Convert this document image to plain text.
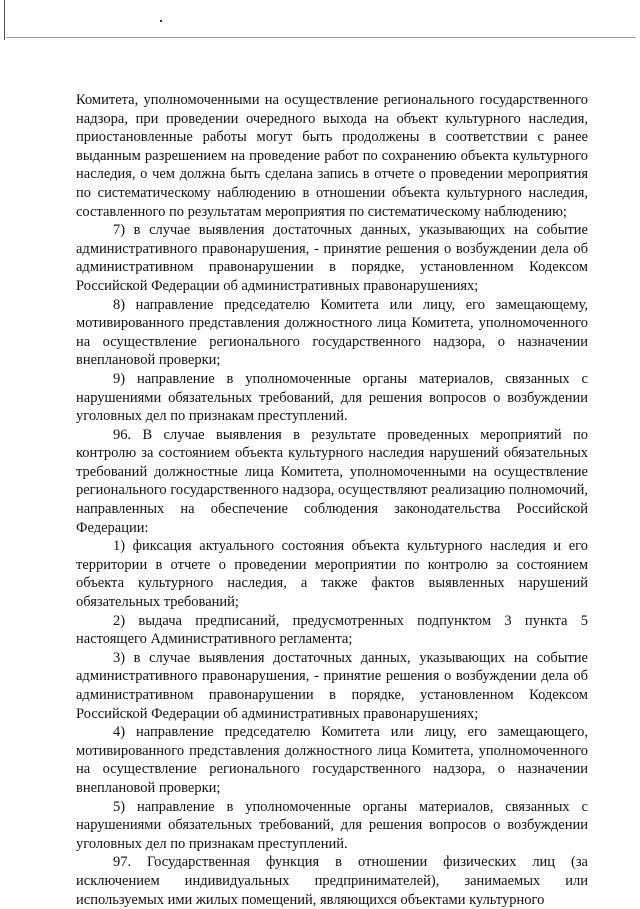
Комитета, уполномоченными на осуществление регионального государственного надзора, при проведении очередного выхода на объект культурного наследия, приостановленные работы могут быть продолжены в соответствии с ранее выданным разрешением на проведение работ по сохранению объекта культурного наследия, о чем должна быть сделана запись в отчете о проведении мероприятия по систематическому наблюдению в отношении объекта культурного наследия, составленного по результатам мероприятия по систематическому наблюдению;

7) в случае выявления достаточных данных, указывающих на событие административного правонарушения, - принятие решения о возбуждении дела об административном правонарушении в порядке, установленном Кодексом Российской Федерации об административных правонарушениях;

8) направление председателю Комитета или лицу, его замещающему, мотивированного представления должностного лица Комитета, уполномоченного на осуществление регионального государственного надзора, о назначении внеплановой проверки;

9) направление в уполномоченные органы материалов, связанных с нарушениями обязательных требований, для решения вопросов о возбуждении уголовных дел по признакам преступлений.

96. В случае выявления в результате проведенных мероприятий по контролю за состоянием объекта культурного наследия нарушений обязательных требований должностные лица Комитета, уполномоченными на осуществление регионального государственного надзора, осуществляют реализацию полномочий, направленных на обеспечение соблюдения законодательства Российской Федерации:

1) фиксация актуального состояния объекта культурного наследия и его территории в отчете о проведении мероприятии по контролю за состоянием объекта культурного наследия, а также фактов выявленных нарушений обязательных требований;

2) выдача предписаний, предусмотренных подпунктом 3 пункта 5 настоящего Административного регламента;

3) в случае выявления достаточных данных, указывающих на событие административного правонарушения, - принятие решения о возбуждении дела об административном правонарушении в порядке, установленном Кодексом Российской Федерации об административных правонарушениях;

4) направление председателю Комитета или лицу, его замещающего, мотивированного представления должностного лица Комитета, уполномоченного на осуществление регионального государственного надзора, о назначении внеплановой проверки;

5) направление в уполномоченные органы материалов, связанных с нарушениями обязательных требований, для решения вопросов о возбуждении уголовных дел по признакам преступлений.

97. Государственная функция в отношении физических лиц (за исключением индивидуальных предпринимателей), занимаемых или используемых ими жилых помещений, являющихся объектами культурного
